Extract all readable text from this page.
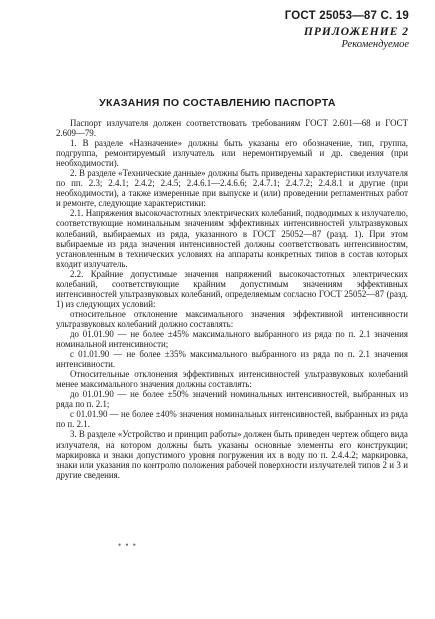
ГОСТ 25053—87 С. 19
ПРИЛОЖЕНИЕ 2
Рекомендуемое
УКАЗАНИЯ ПО СОСТАВЛЕНИЮ ПАСПОРТА

Паспорт излучателя должен соответствовать требованиям ГОСТ 2.601—68 и ГОСТ 2.609—79.

1. В разделе «Назначение» должны быть указаны его обозначение, тип, группа, подгруппа, ремонтируемый излучатель или неремонтируемый и др. сведения (при необходимости).

2. В разделе «Технические данные» должны быть приведены характеристики излучателя по пп. 2.3; 2.4.1; 2.4.2; 2.4.5; 2.4.6.1—2.4.6.6; 2.4.7.1; 2.4.7.2; 2.4.8.1 и другие (при необходимости), а также измеренные при выпуске и (или) проведении регламентных работ и ремонте, следующие характеристики:

2.1. Напряжения высокочастотных электрических колебаний, подводимых к излучателю, соответствующие номинальным значениям эффективных интенсивностей ультразвуковых колебаний, выбираемых из ряда, указанного в ГОСТ 25052—87 (разд. 1). При этом выбираемые из ряда значения интенсивностей должны соответствовать интенсивностям, установленным в технических условиях на аппараты конкретных типов в состав которых входит излучатель.

2.2. Крайние допустимые значения напряжений высокочастотных электрических колебаний, соответствующие крайним допустимым значениям эффективных интенсивностей ультразвуковых колебаний, определяемым согласно ГОСТ 25052—87 (разд. 1) из следующих условий:

относительное отклонение максимального значения эффективной интенсивности ультразвуковых колебаний должно составлять:

до 01.01.90 — не более ±45% максимального выбранного из ряда по п. 2.1 значения номинальной интенсивности;

с 01.01.90 — не более ±35% максимального выбранного из ряда по п. 2.1 значения интенсивности.

Относительные отклонения эффективных интенсивностей ультразвуковых колебаний менее максимального значения должны составлять:

до 01.01.90 — не более ±50% значений номинальных интенсивностей, выбранных из ряда по п. 2.1;

с 01.01.90 — не более ±40% значения номинальных интенсивностей, выбранных из ряда по п. 2.1.

3. В разделе «Устройство и принцип работы» должен быть приведен чертеж общего вида излучателя, на котором должны быть указаны основные элементы его конструкции; маркировка и знаки допустимого уровня погружения их в воду по п. 2.4.4.2; маркировка, знаки или указания по контролю положения рабочей поверхности излучателей типов 2 и 3 и другие сведения.

• • •
